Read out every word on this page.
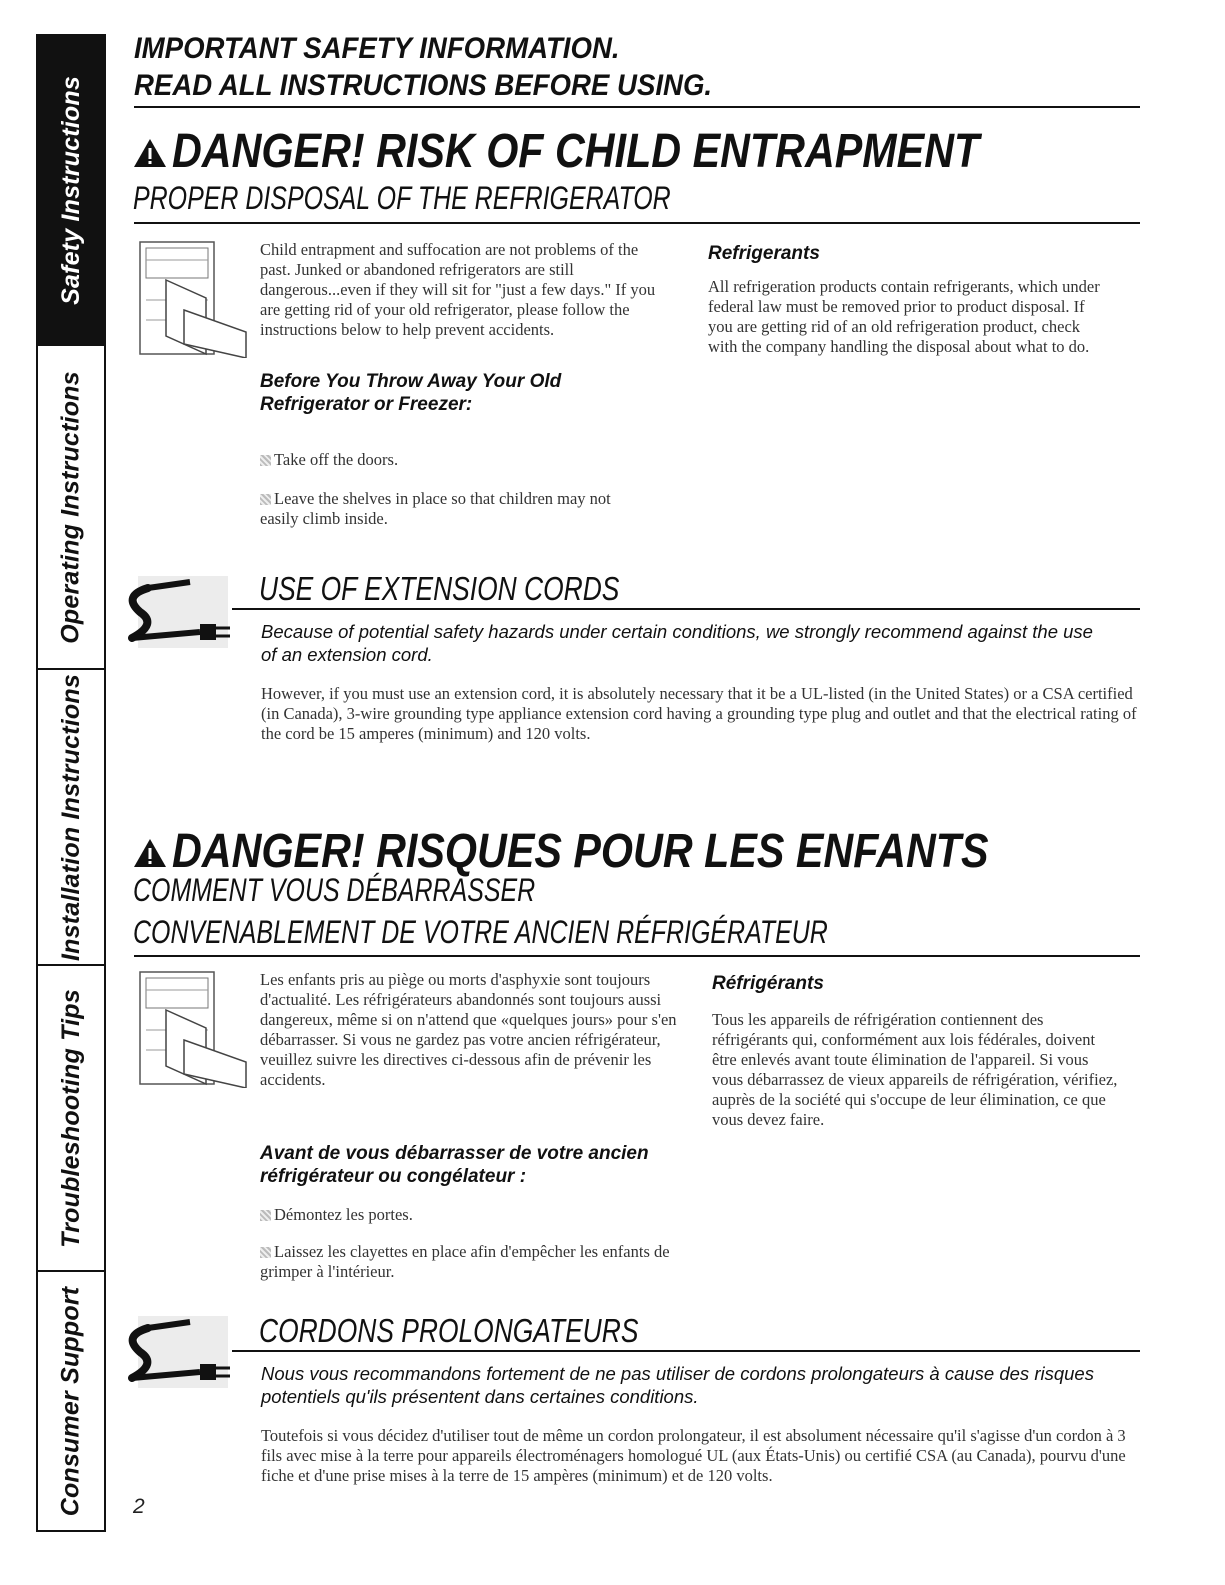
Safety Instructions
Operating Instructions
Installation Instructions
Troubleshooting Tips
Consumer Support
IMPORTANT SAFETY INFORMATION.
READ ALL INSTRUCTIONS BEFORE USING.
DANGER! RISK OF CHILD ENTRAPMENT
PROPER DISPOSAL OF THE REFRIGERATOR
Child entrapment and suffocation are not problems of the past. Junked or abandoned refrigerators are still dangerous...even if they will sit for "just a few days." If you are getting rid of your old refrigerator, please follow the instructions below to help prevent accidents.
Before You Throw Away Your Old Refrigerator or Freezer:
Take off the doors.
Leave the shelves in place so that children may not easily climb inside.
Refrigerants
All refrigeration products contain refrigerants, which under federal law must be removed prior to product disposal. If you are getting rid of an old refrigeration product, check with the company handling the disposal about what to do.
USE OF EXTENSION CORDS
Because of potential safety hazards under certain conditions, we strongly recommend against the use of an extension cord.
However, if you must use an extension cord, it is absolutely necessary that it be a UL-listed (in the United States) or a CSA certified (in Canada), 3-wire grounding type appliance extension cord having a grounding type plug and outlet and that the electrical rating of the cord be 15 amperes (minimum) and 120 volts.
DANGER! RISQUES POUR LES ENFANTS
COMMENT VOUS DÉBARRASSER
CONVENABLEMENT DE VOTRE ANCIEN RÉFRIGÉRATEUR
Les enfants pris au piège ou morts d'asphyxie sont toujours d'actualité. Les réfrigérateurs abandonnés sont toujours aussi dangereux, même si on n'attend que «quelques jours» pour s'en débarrasser. Si vous ne gardez pas votre ancien réfrigérateur, veuillez suivre les directives ci-dessous afin de prévenir les accidents.
Avant de vous débarrasser de votre ancien réfrigérateur ou congélateur :
Démontez les portes.
Laissez les clayettes en place afin d'empêcher les enfants de grimper à l'intérieur.
Réfrigérants
Tous les appareils de réfrigération contiennent des réfrigérants qui, conformément aux lois fédérales, doivent être enlevés avant toute élimination de l'appareil. Si vous vous débarrassez de vieux appareils de réfrigération, vérifiez, auprès de la société qui s'occupe de leur élimination, ce que vous devez faire.
CORDONS PROLONGATEURS
Nous vous recommandons fortement de ne pas utiliser de cordons prolongateurs à cause des risques potentiels qu'ils présentent dans certaines conditions.
Toutefois si vous décidez d'utiliser tout de même un cordon prolongateur, il est absolument nécessaire qu'il s'agisse d'un cordon à 3 fils avec mise à la terre pour appareils électroménagers homologué UL (aux États-Unis) ou certifié CSA (au Canada), pourvu d'une fiche et d'une prise mises à la terre de 15 ampères (minimum) et de 120 volts.
2
